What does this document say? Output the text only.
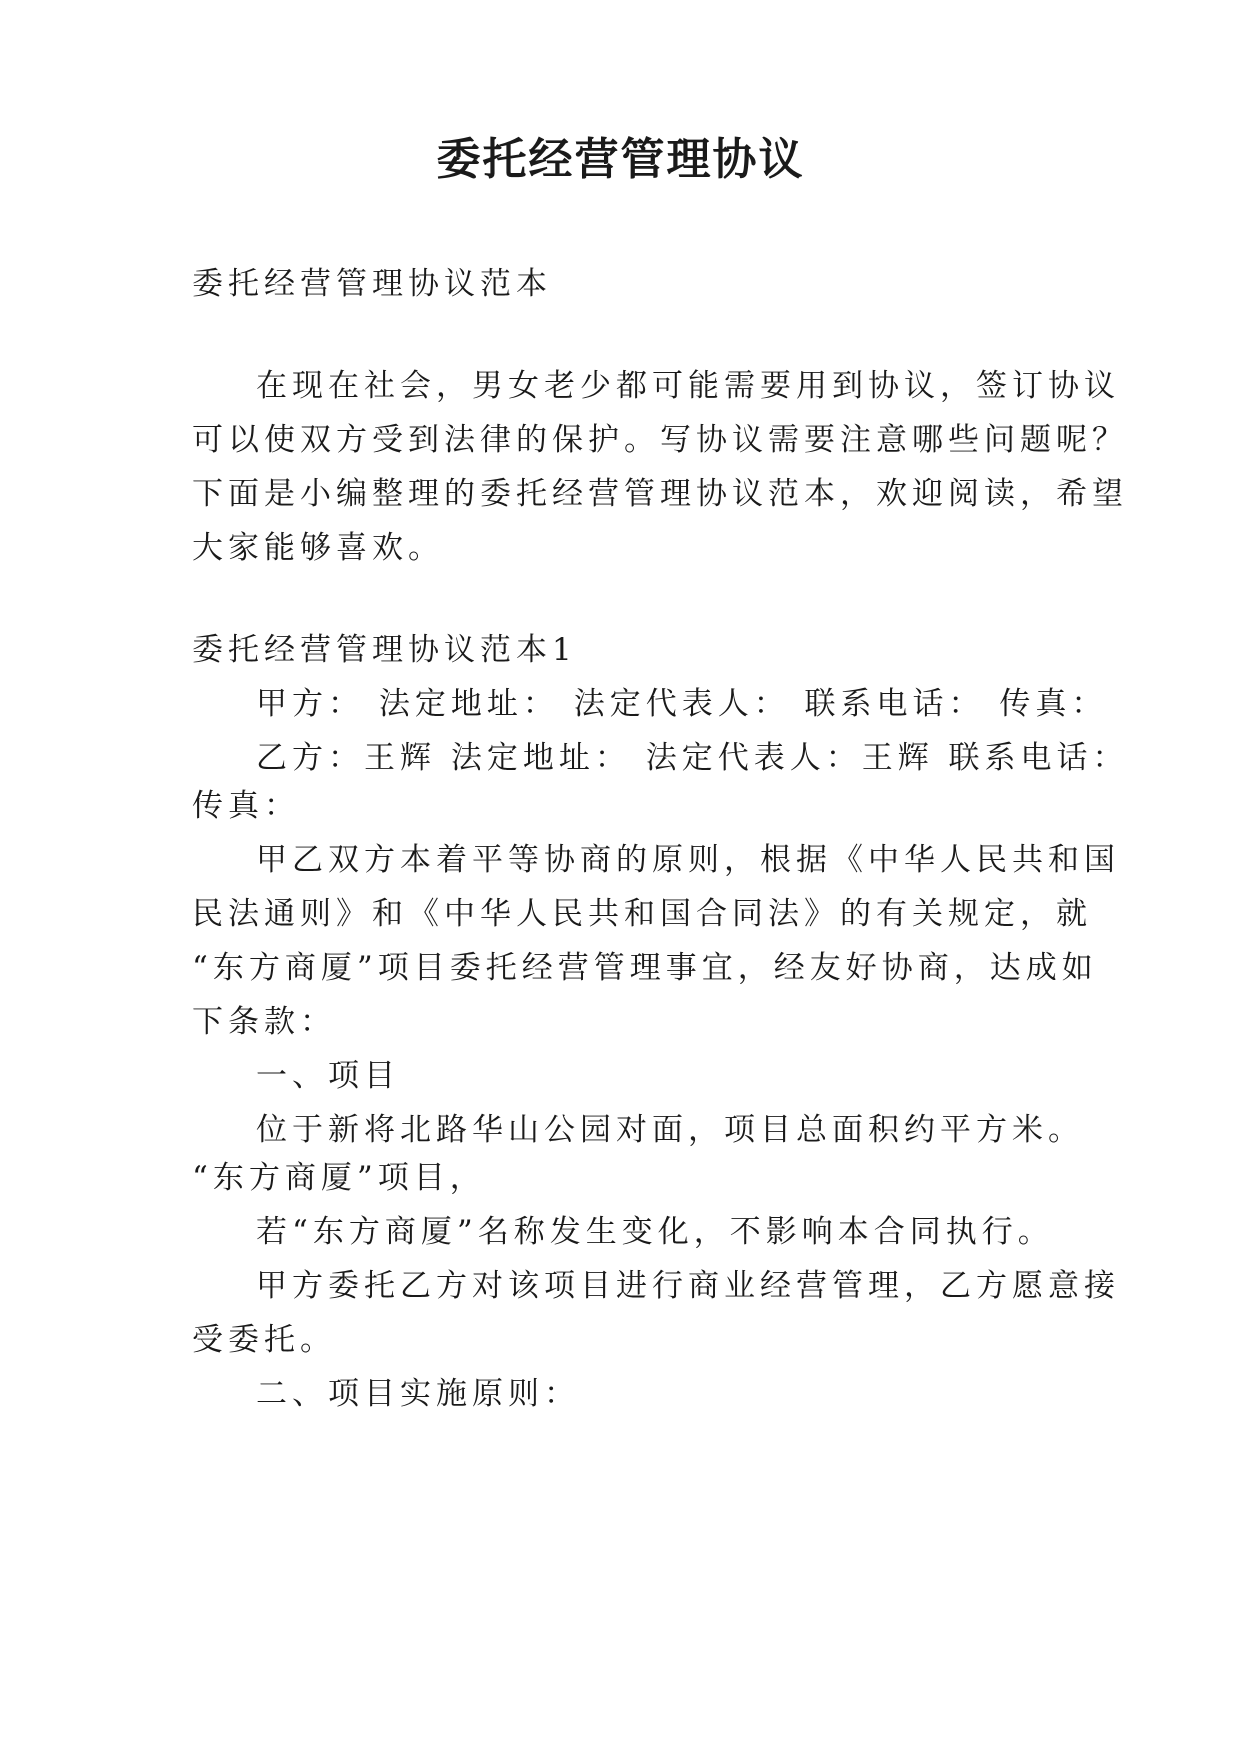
委托经营管理协议
委托经营管理协议范本
在现在社会，男女老少都可能需要用到协议，签订协议
可以使双方受到法律的保护。写协议需要注意哪些问题呢？
下面是小编整理的委托经营管理协议范本，欢迎阅读，希望
大家能够喜欢。
委托经营管理协议范本1
甲方： 法定地址： 法定代表人： 联系电话： 传真：
乙方：王辉 法定地址： 法定代表人：王辉 联系电话：
传真：
甲乙双方本着平等协商的原则，根据《中华人民共和国
民法通则》和《中华人民共和国合同法》的有关规定，就
“东方商厦”项目委托经营管理事宜，经友好协商，达成如
下条款：
一、项目
位于新将北路华山公园对面，项目总面积约平方米。
“东方商厦”项目，
若“东方商厦”名称发生变化，不影响本合同执行。
甲方委托乙方对该项目进行商业经营管理，乙方愿意接
受委托。
二、项目实施原则：
